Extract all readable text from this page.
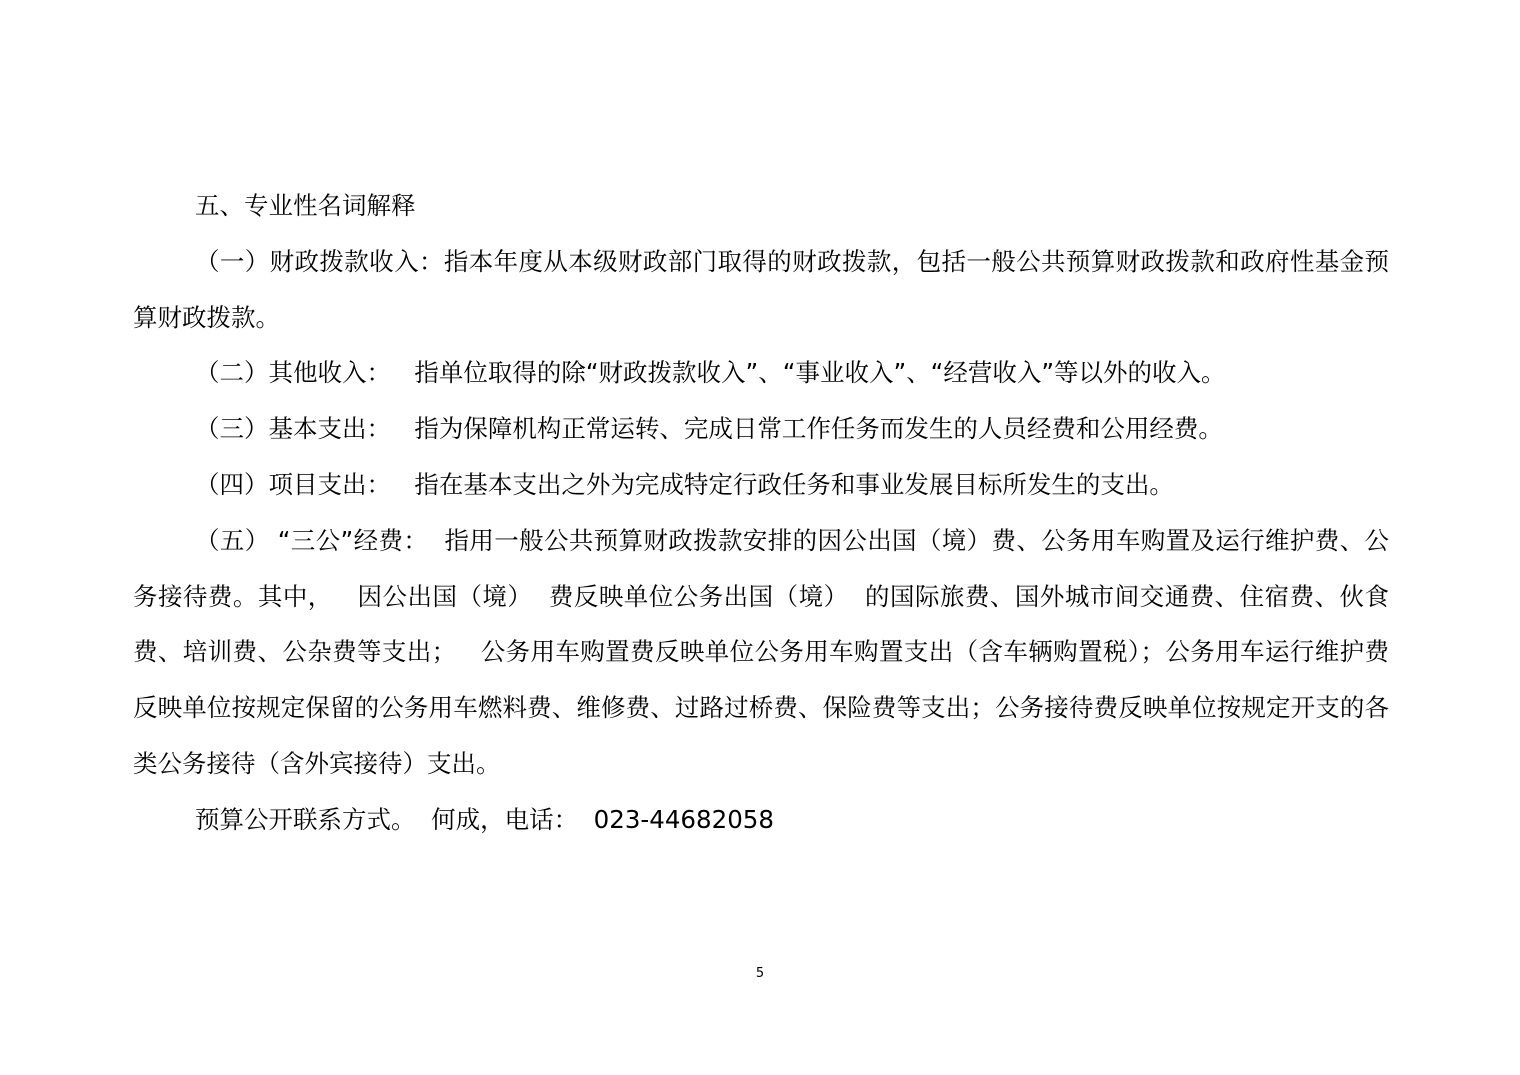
五、专业性名词解释

（一）财政拨款收入：指本年度从本级财政部门取得的财政拨款，包括一般公共预算财政拨款和政府性基金预算财政拨款。

（二）其他收入：   指单位取得的除“财政拨款收入”、“事业收入”、“经营收入”等以外的收入。

（三）基本支出：   指为保障机构正常运转、完成日常工作任务而发生的人员经费和公用经费。

（四）项目支出：   指在基本支出之外为完成特定行政任务和事业发展目标所发生的支出。

（五） “三公”经费：  指用一般公共预算财政拨款安排的因公出国（境）费、公务用车购置及运行维护费、公务接待费。其中，   因公出国（境）  费反映单位公务出国（境）  的国际旅费、国外城市间交通费、住宿费、伙食费、培训费、公杂费等支出；   公务用车购置费反映单位公务用车购置支出（含车辆购置税）；公务用车运行维护费反映单位按规定保留的公务用车燃料费、维修费、过路过桥费、保险费等支出；公务接待费反映单位按规定开支的各类公务接待（含外宾接待）支出。

预算公开联系方式。  何成，电话：  023-44682058

5
